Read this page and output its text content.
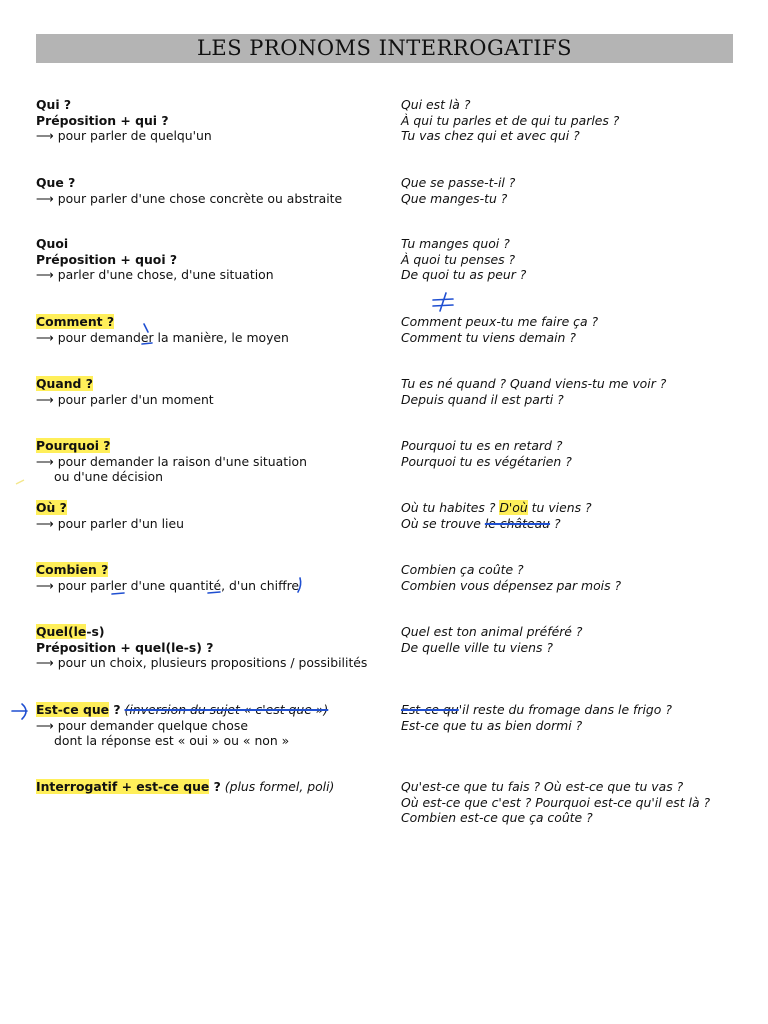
LES PRONOMS INTERROGATIFS
Qui ?
Préposition + qui ?
⟶ pour parler de quelqu'un
Qui est là ?
À qui tu parles et de qui tu parles ?
Tu vas chez qui et avec qui ?
Que ?
⟶ pour parler d'une chose concrète ou abstraite
Que se passe-t-il ?
Que manges-tu ?
Quoi
Préposition + quoi ?
⟶ parler d'une chose, d'une situation
Tu manges quoi ?
À quoi tu penses ?
De quoi tu as peur ?
Comment ?
⟶ pour demander la manière, le moyen
Comment peux-tu me faire ça ?
Comment tu viens demain ?
Quand ?
⟶ pour parler d'un moment
Tu es né quand ? Quand viens-tu me voir ?
Depuis quand il est parti ?
Pourquoi ?
⟶ pour demander la raison d'une situation
ou d'une décision
Pourquoi tu es en retard ?
Pourquoi tu es végétarien ?
Où ?
⟶ pour parler d'un lieu
Où tu habites ? D'où tu viens ?
Où se trouve le château ?
Combien ?
⟶ pour parler d'une quantité, d'un chiffre
Combien ça coûte ?
Combien vous dépensez par mois ?
Quel(le-s)
Préposition + quel(le-s) ?
⟶ pour un choix, plusieurs propositions / possibilités
Quel est ton animal préféré ?
De quelle ville tu viens ?
Est-ce que ? (inversion du sujet « c'est que »)
⟶ pour demander quelque chose
dont la réponse est « oui » ou « non »
Est-ce qu'il reste du fromage dans le frigo ?
Est-ce que tu as bien dormi ?
Interrogatif + est-ce que ? (plus formel, poli)	Qu'est-ce que tu fais ? Où est-ce que tu vas ?
Où est-ce que c'est ? Pourquoi est-ce qu'il est là ?
Combien est-ce que ça coûte ?
